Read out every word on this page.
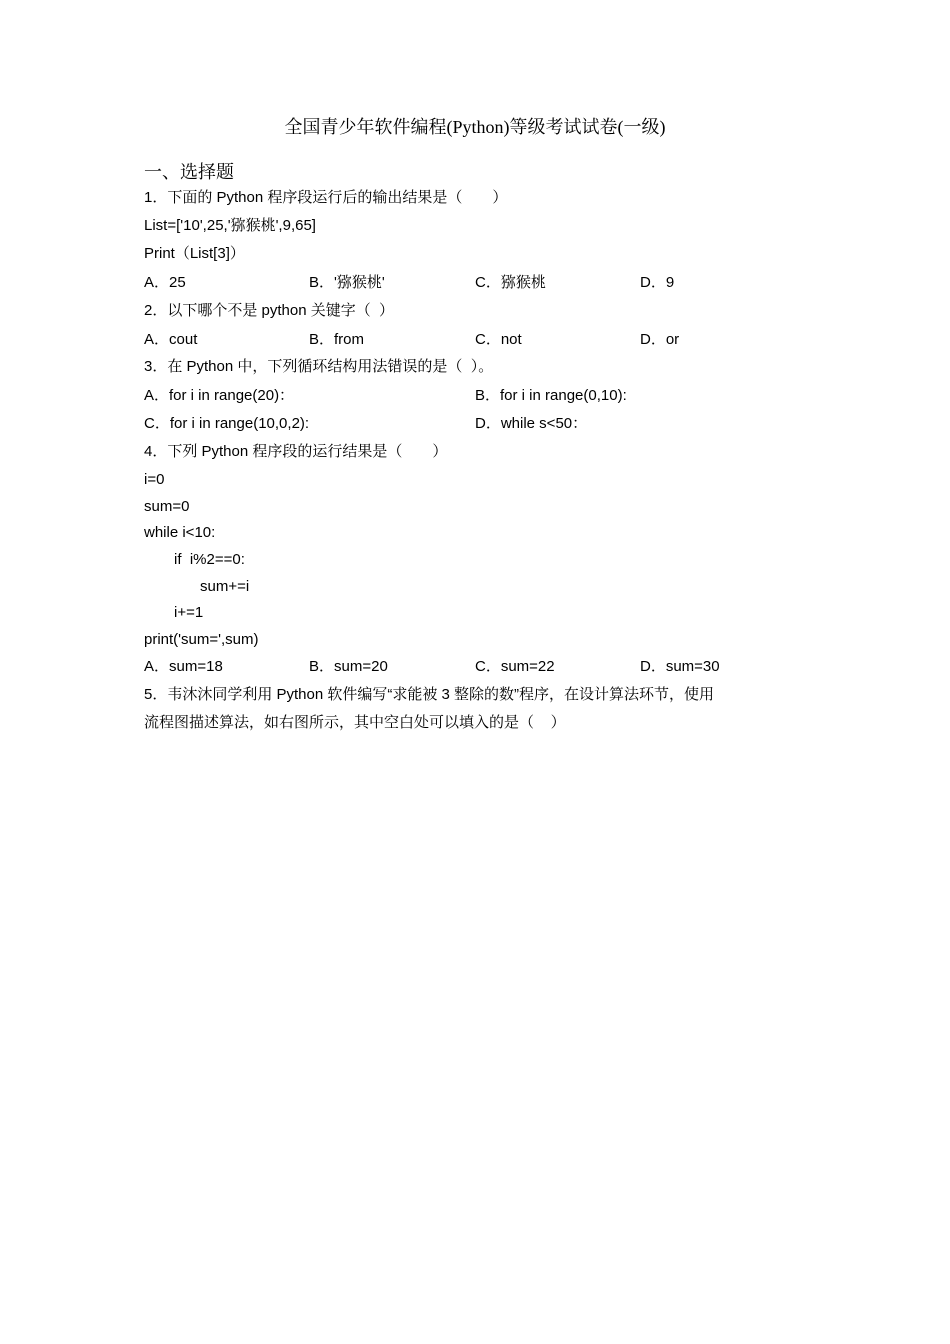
全国青少年软件编程(Python)等级考试试卷(一级)
一、选择题
1．下面的 Python 程序段运行后的输出结果是（　　）
List=['10',25,'猕猴桃',9,65]
Print（List[3]）
A．25	B．'猕猴桃'	C．猕猴桃	D．9
2．以下哪个不是 python 关键字（  ）
A．cout	B．from	C．not	D．or
3．在 Python 中，下列循环结构用法错误的是（  ）。
A．for i in range(20)：	B．for i in range(0,10):
C．for i in range(10,0,2):	D．while s<50：
4．下列 Python 程序段的运行结果是（　　）
i=0
sum=0
while i<10:
if  i%2==0:
sum+=i
i+=1
print('sum=',sum)
A．sum=18	B．sum=20	C．sum=22	D．sum=30
5．韦沐沐同学利用 Python 软件编写“求能被 3 整除的数”程序，在设计算法环节，使用
流程图描述算法，如右图所示，其中空白处可以填入的是（    ）
